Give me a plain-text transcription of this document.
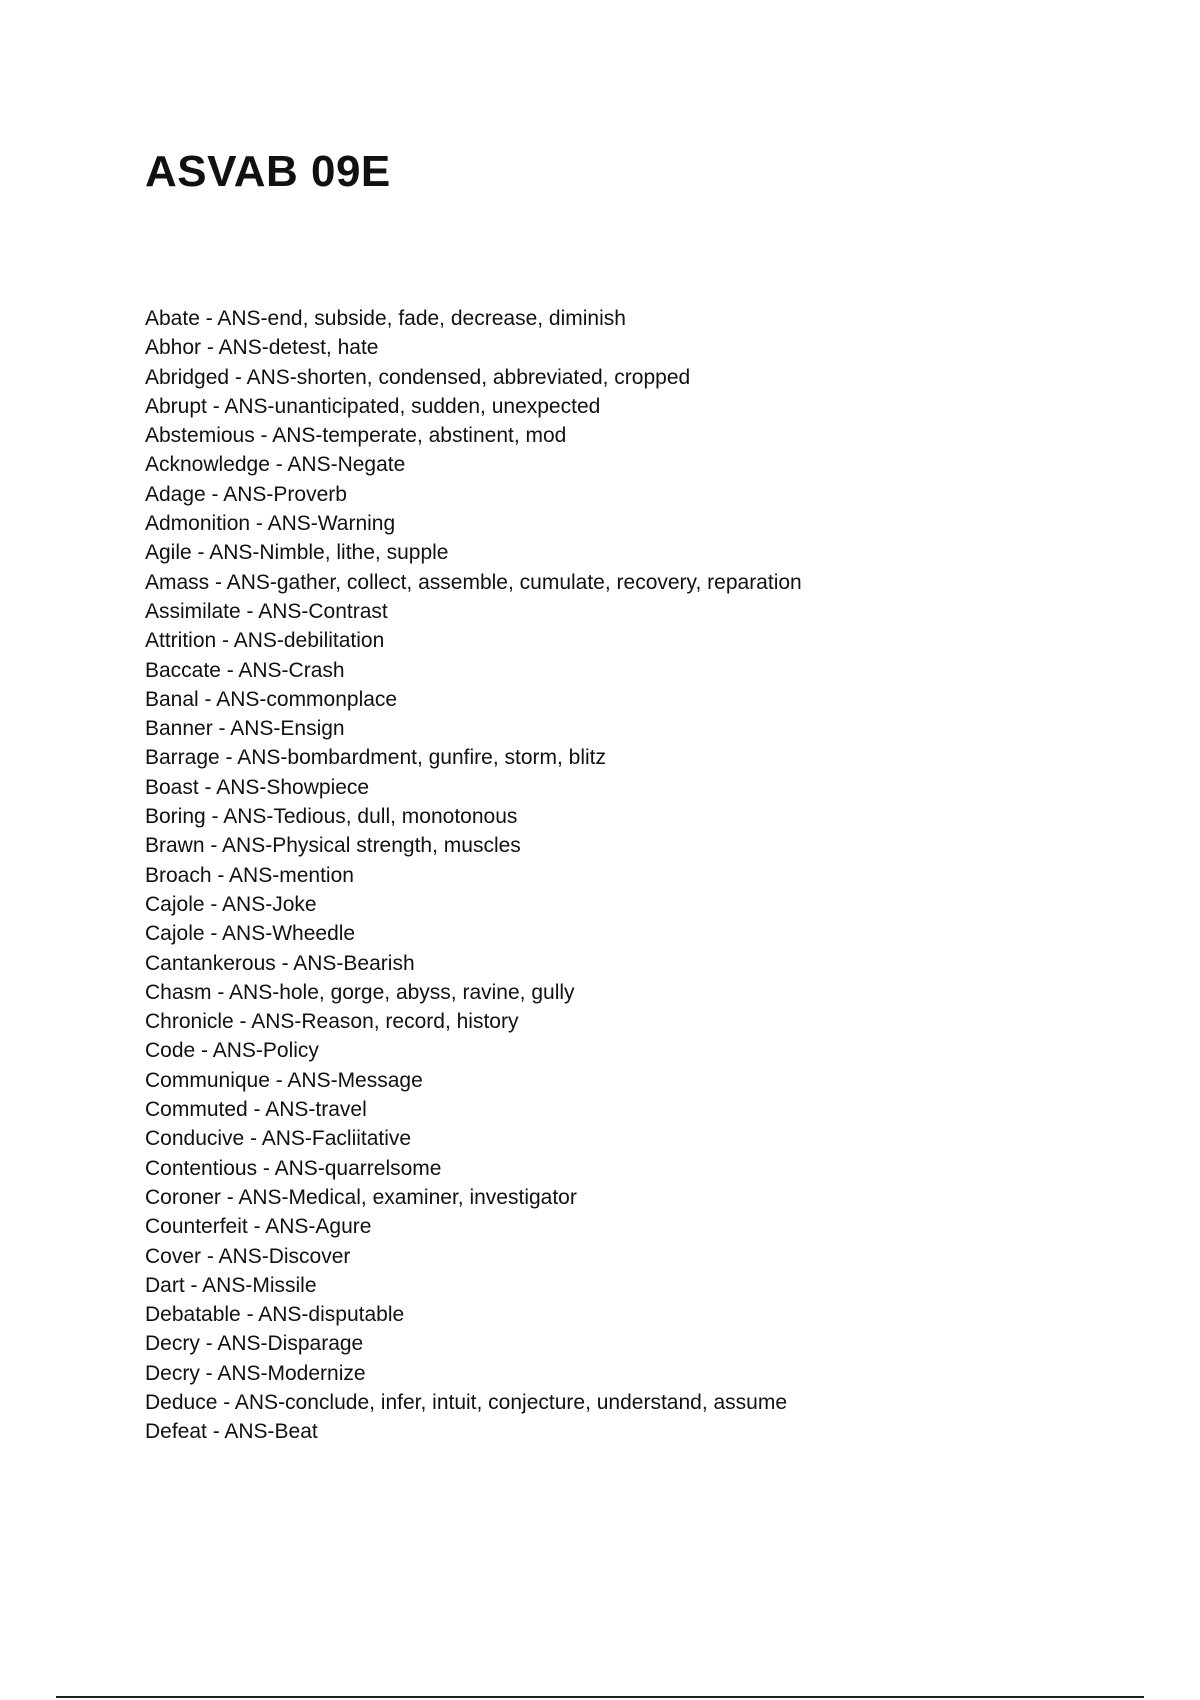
ASVAB 09E
Abate - ANS-end, subside, fade, decrease, diminish
Abhor - ANS-detest, hate
Abridged - ANS-shorten, condensed, abbreviated, cropped
Abrupt - ANS-unanticipated, sudden, unexpected
Abstemious - ANS-temperate, abstinent, mod
Acknowledge - ANS-Negate
Adage - ANS-Proverb
Admonition - ANS-Warning
Agile - ANS-Nimble, lithe, supple
Amass - ANS-gather, collect, assemble, cumulate, recovery, reparation
Assimilate - ANS-Contrast
Attrition - ANS-debilitation
Baccate - ANS-Crash
Banal - ANS-commonplace
Banner - ANS-Ensign
Barrage - ANS-bombardment, gunfire, storm, blitz
Boast - ANS-Showpiece
Boring - ANS-Tedious, dull, monotonous
Brawn - ANS-Physical strength, muscles
Broach - ANS-mention
Cajole - ANS-Joke
Cajole - ANS-Wheedle
Cantankerous - ANS-Bearish
Chasm - ANS-hole, gorge, abyss, ravine, gully
Chronicle - ANS-Reason, record, history
Code - ANS-Policy
Communique - ANS-Message
Commuted - ANS-travel
Conducive - ANS-Facliitative
Contentious - ANS-quarrelsome
Coroner - ANS-Medical, examiner, investigator
Counterfeit - ANS-Agure
Cover - ANS-Discover
Dart - ANS-Missile
Debatable - ANS-disputable
Decry - ANS-Disparage
Decry - ANS-Modernize
Deduce - ANS-conclude, infer, intuit, conjecture, understand, assume
Defeat - ANS-Beat
